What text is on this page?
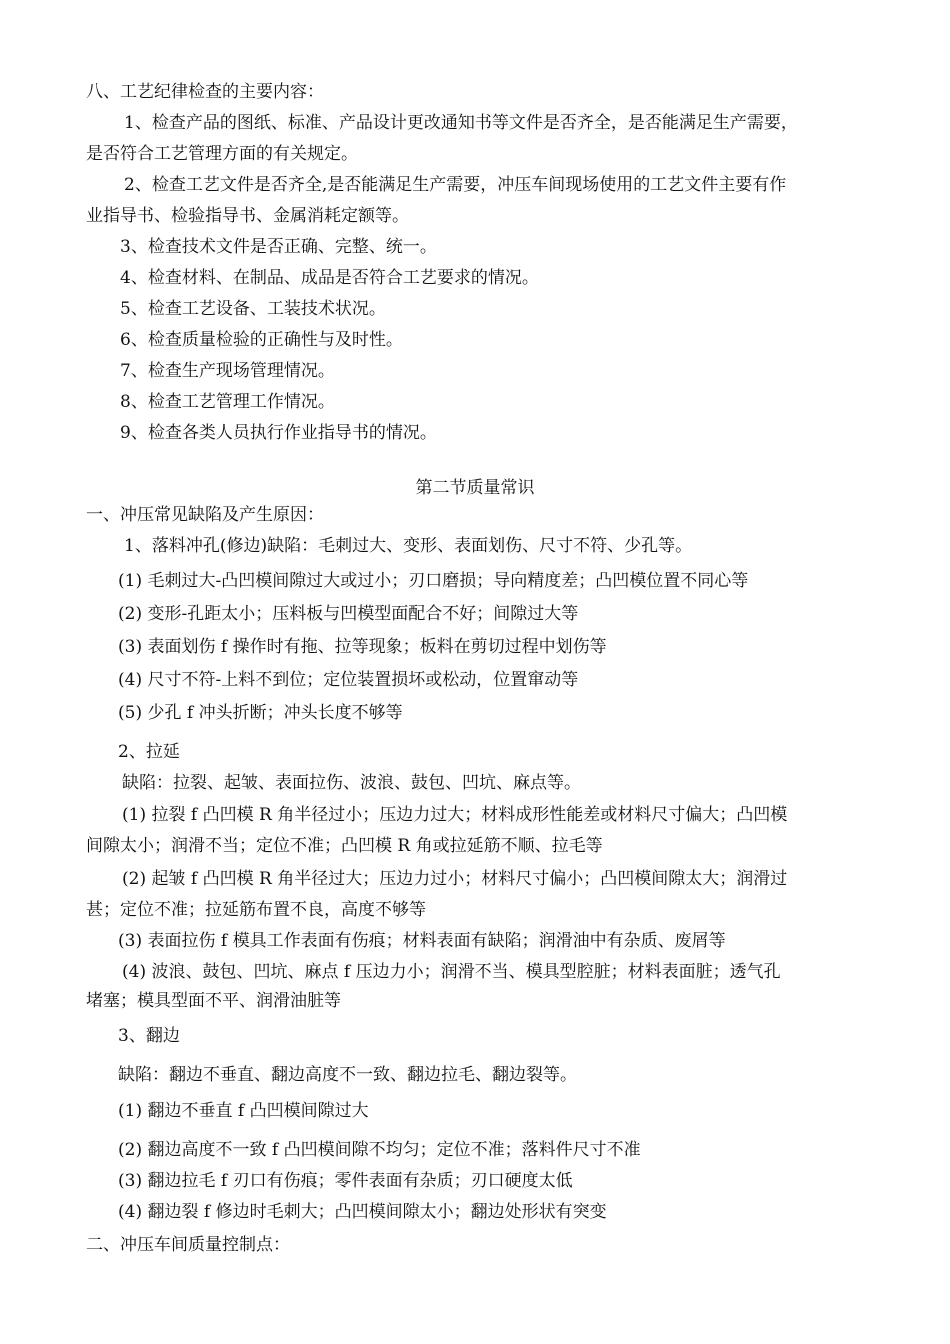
八、工艺纪律检查的主要内容：
1、检查产品的图纸、标准、产品设计更改通知书等文件是否齐全，是否能满足生产需要，
是否符合工艺管理方面的有关规定。
2、检查工艺文件是否齐全,是否能满足生产需要，冲压车间现场使用的工艺文件主要有作
业指导书、检验指导书、金属消耗定额等。
3、检查技术文件是否正确、完整、统一。
4、检查材料、在制品、成品是否符合工艺要求的情况。
5、检查工艺设备、工装技术状况。
6、检查质量检验的正确性与及时性。
7、检查生产现场管理情况。
8、检查工艺管理工作情况。
9、检查各类人员执行作业指导书的情况。
第二节质量常识
一、冲压常见缺陷及产生原因：
1、落料冲孔(修边)缺陷：毛刺过大、变形、表面划伤、尺寸不符、少孔等。
(1) 毛刺过大-凸凹模间隙过大或过小；刃口磨损；导向精度差；凸凹模位置不同心等
(2) 变形-孔距太小；压料板与凹模型面配合不好；间隙过大等
(3) 表面划伤 f 操作时有拖、拉等现象；板料在剪切过程中划伤等
(4) 尺寸不符-上料不到位；定位装置损坏或松动，位置窜动等
(5) 少孔 f 冲头折断；冲头长度不够等
2、拉延
缺陷：拉裂、起皱、表面拉伤、波浪、鼓包、凹坑、麻点等。
(1) 拉裂 f 凸凹模 R 角半径过小；压边力过大；材料成形性能差或材料尺寸偏大；凸凹模
间隙太小；润滑不当；定位不准；凸凹模 R 角或拉延筋不顺、拉毛等
(2) 起皱 f 凸凹模 R 角半径过大；压边力过小；材料尺寸偏小；凸凹模间隙太大；润滑过
甚；定位不准；拉延筋布置不良，高度不够等
(3) 表面拉伤 f 模具工作表面有伤痕；材料表面有缺陷；润滑油中有杂质、废屑等
(4) 波浪、鼓包、凹坑、麻点 f 压边力小；润滑不当、模具型腔脏；材料表面脏；透气孔
堵塞；模具型面不平、润滑油脏等
3、翻边
缺陷：翻边不垂直、翻边高度不一致、翻边拉毛、翻边裂等。
(1) 翻边不垂直 f 凸凹模间隙过大
(2) 翻边高度不一致 f 凸凹模间隙不均匀；定位不准；落料件尺寸不准
(3) 翻边拉毛 f 刃口有伤痕；零件表面有杂质；刃口硬度太低
(4) 翻边裂 f 修边时毛刺大；凸凹模间隙太小；翻边处形状有突变
二、冲压车间质量控制点：
